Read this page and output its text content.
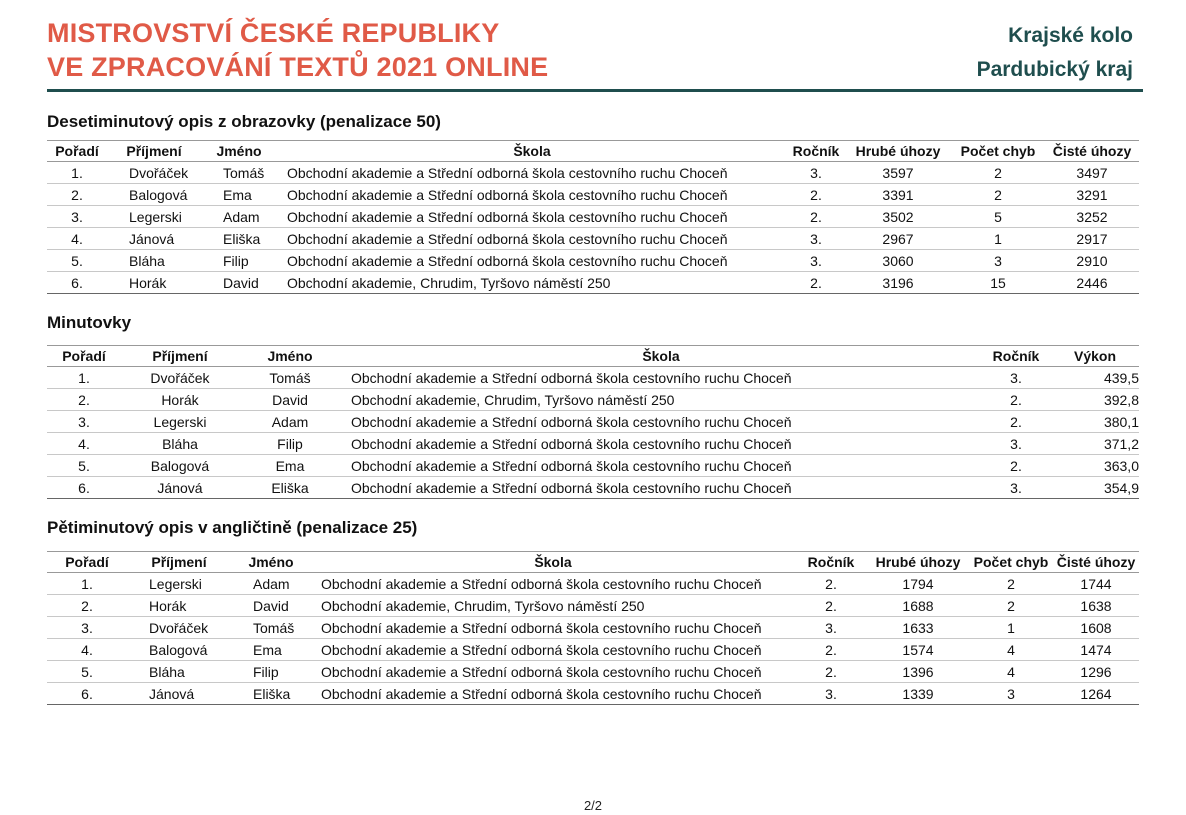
MISTROVSTVÍ ČESKÉ REPUBLIKY
VE ZPRACOVÁNÍ TEXTŮ 2021 ONLINE
Krajské kolo
Pardubický kraj
Desetiminutový opis z obrazovky (penalizace 50)
Pořadí	Příjmení	Jméno	Škola	Ročník	Hrubé úhozy	Počet chyb	Čisté úhozy
1.	Dvořáček	Tomáš	Obchodní akademie a Střední odborná škola cestovního ruchu Choceň	3.	3597	2	3497
2.	Balogová	Ema	Obchodní akademie a Střední odborná škola cestovního ruchu Choceň	2.	3391	2	3291
3.	Legerski	Adam	Obchodní akademie a Střední odborná škola cestovního ruchu Choceň	2.	3502	5	3252
4.	Jánová	Eliška	Obchodní akademie a Střední odborná škola cestovního ruchu Choceň	3.	2967	1	2917
5.	Bláha	Filip	Obchodní akademie a Střední odborná škola cestovního ruchu Choceň	3.	3060	3	2910
6.	Horák	David	Obchodní akademie, Chrudim, Tyršovo náměstí 250	2.	3196	15	2446
Minutovky
Pořadí	Příjmení	Jméno	Škola	Ročník	Výkon
1.	Dvořáček	Tomáš	Obchodní akademie a Střední odborná škola cestovního ruchu Choceň	3.	439,5
2.	Horák	David	Obchodní akademie, Chrudim, Tyršovo náměstí 250	2.	392,8
3.	Legerski	Adam	Obchodní akademie a Střední odborná škola cestovního ruchu Choceň	2.	380,1
4.	Bláha	Filip	Obchodní akademie a Střední odborná škola cestovního ruchu Choceň	3.	371,2
5.	Balogová	Ema	Obchodní akademie a Střední odborná škola cestovního ruchu Choceň	2.	363,0
6.	Jánová	Eliška	Obchodní akademie a Střední odborná škola cestovního ruchu Choceň	3.	354,9
Pětiminutový opis v angličtině (penalizace 25)
Pořadí	Příjmení	Jméno	Škola	Ročník	Hrubé úhozy	Počet chyb	Čisté úhozy
1.	Legerski	Adam	Obchodní akademie a Střední odborná škola cestovního ruchu Choceň	2.	1794	2	1744
2.	Horák	David	Obchodní akademie, Chrudim, Tyršovo náměstí 250	2.	1688	2	1638
3.	Dvořáček	Tomáš	Obchodní akademie a Střední odborná škola cestovního ruchu Choceň	3.	1633	1	1608
4.	Balogová	Ema	Obchodní akademie a Střední odborná škola cestovního ruchu Choceň	2.	1574	4	1474
5.	Bláha	Filip	Obchodní akademie a Střední odborná škola cestovního ruchu Choceň	2.	1396	4	1296
6.	Jánová	Eliška	Obchodní akademie a Střední odborná škola cestovního ruchu Choceň	3.	1339	3	1264
2/2
